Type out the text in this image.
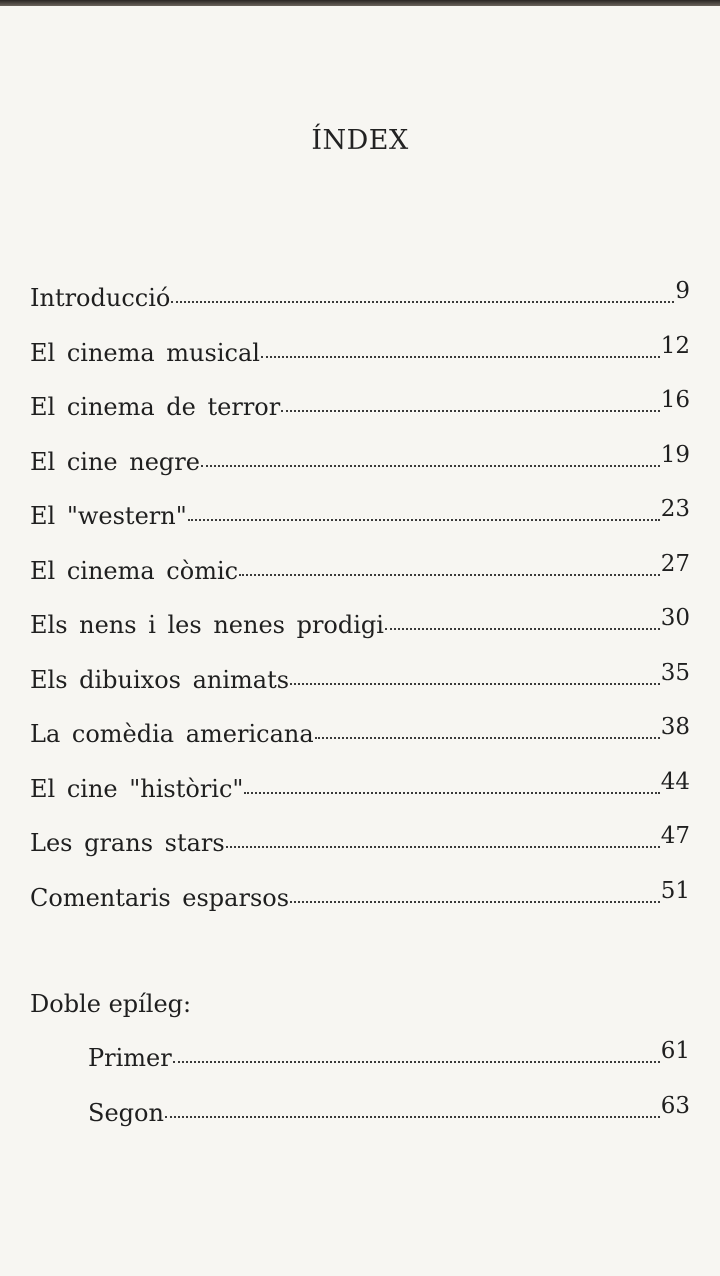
ÍNDEX
Introducció	9
El cinema musical	12
El cinema de terror	16
El cine negre	19
El "western"	23
El cinema còmic	27
Els nens i les nenes prodigi	30
Els dibuixos animats	35
La comèdia americana	38
El cine "històric"	44
Les grans stars	47
Comentaris esparsos	51
Doble epíleg:
Primer	61
Segon	63
